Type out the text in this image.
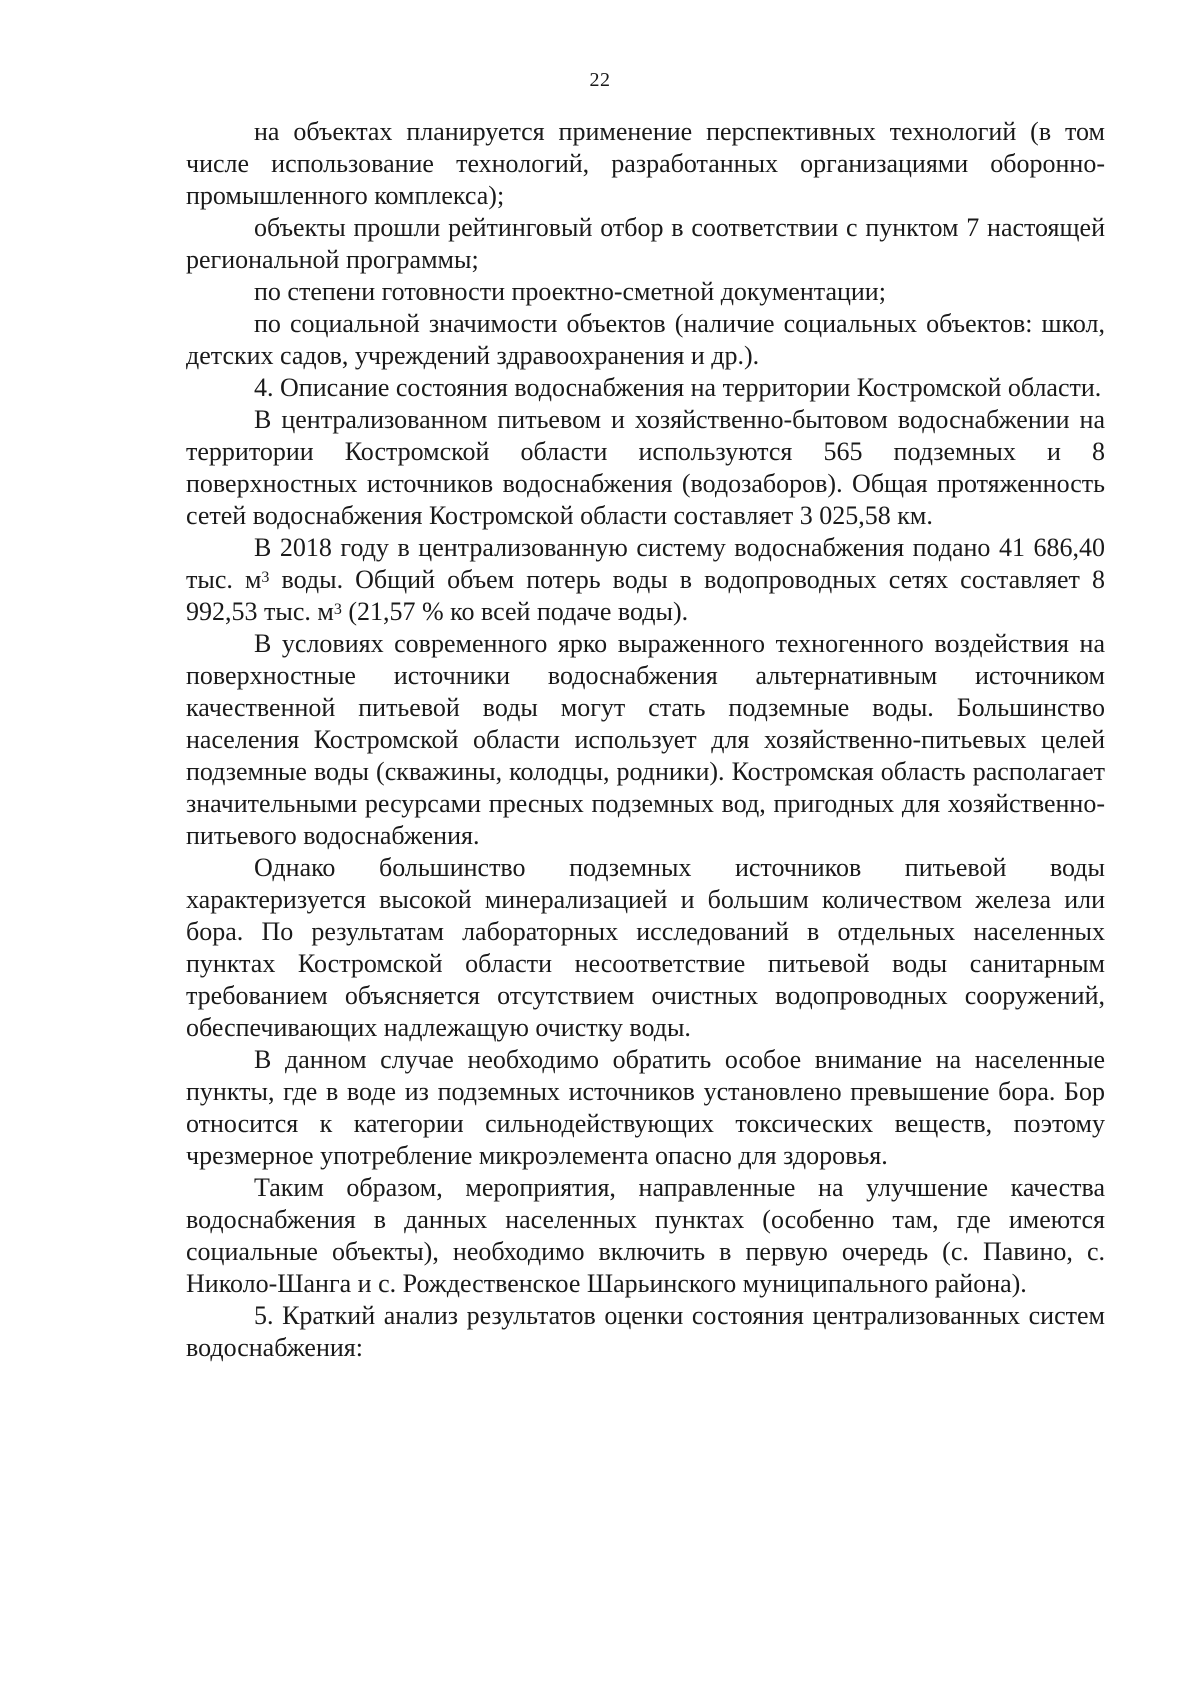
22

на объектах планируется применение перспективных технологий (в том числе использование технологий, разработанных организациями оборонно-промышленного комплекса);

объекты прошли рейтинговый отбор в соответствии с пунктом 7 настоящей региональной программы;

по степени готовности проектно-сметной документации;

по социальной значимости объектов (наличие социальных объектов: школ, детских садов, учреждений здравоохранения и др.).

4. Описание состояния водоснабжения на территории Костромской области.

В централизованном питьевом и хозяйственно-бытовом водоснабжении на территории Костромской области используются 565 подземных и 8 поверхностных источников водоснабжения (водозаборов). Общая протяженность сетей водоснабжения Костромской области составляет 3 025,58 км.

В 2018 году в централизованную систему водоснабжения подано 41 686,40 тыс. $м^3$ воды. Общий объем потерь воды в водопроводных сетях составляет 8 992,53 тыс. $м^3$ (21,57 % ко всей подаче воды).

В условиях современного ярко выраженного техногенного воздействия на поверхностные источники водоснабжения альтернативным источником качественной питьевой воды могут стать подземные воды. Большинство населения Костромской области использует для хозяйственно-питьевых целей подземные воды (скважины, колодцы, родники). Костромская область располагает значительными ресурсами пресных подземных вод, пригодных для хозяйственно-питьевого водоснабжения.

Однако большинство подземных источников питьевой воды характеризуется высокой минерализацией и большим количеством железа или бора. По результатам лабораторных исследований в отдельных населенных пунктах Костромской области несоответствие питьевой воды санитарным требованием объясняется отсутствием очистных водопроводных сооружений, обеспечивающих надлежащую очистку воды.

В данном случае необходимо обратить особое внимание на населенные пункты, где в воде из подземных источников установлено превышение бора. Бор относится к категории сильнодействующих токсических веществ, поэтому чрезмерное употребление микроэлемента опасно для здоровья.

Таким образом, мероприятия, направленные на улучшение качества водоснабжения в данных населенных пунктах (особенно там, где имеются социальные объекты), необходимо включить в первую очередь (с. Павино, с. Николо-Шанга и с. Рождественское Шарьинского муниципального района).

5. Краткий анализ результатов оценки состояния централизованных систем водоснабжения:
